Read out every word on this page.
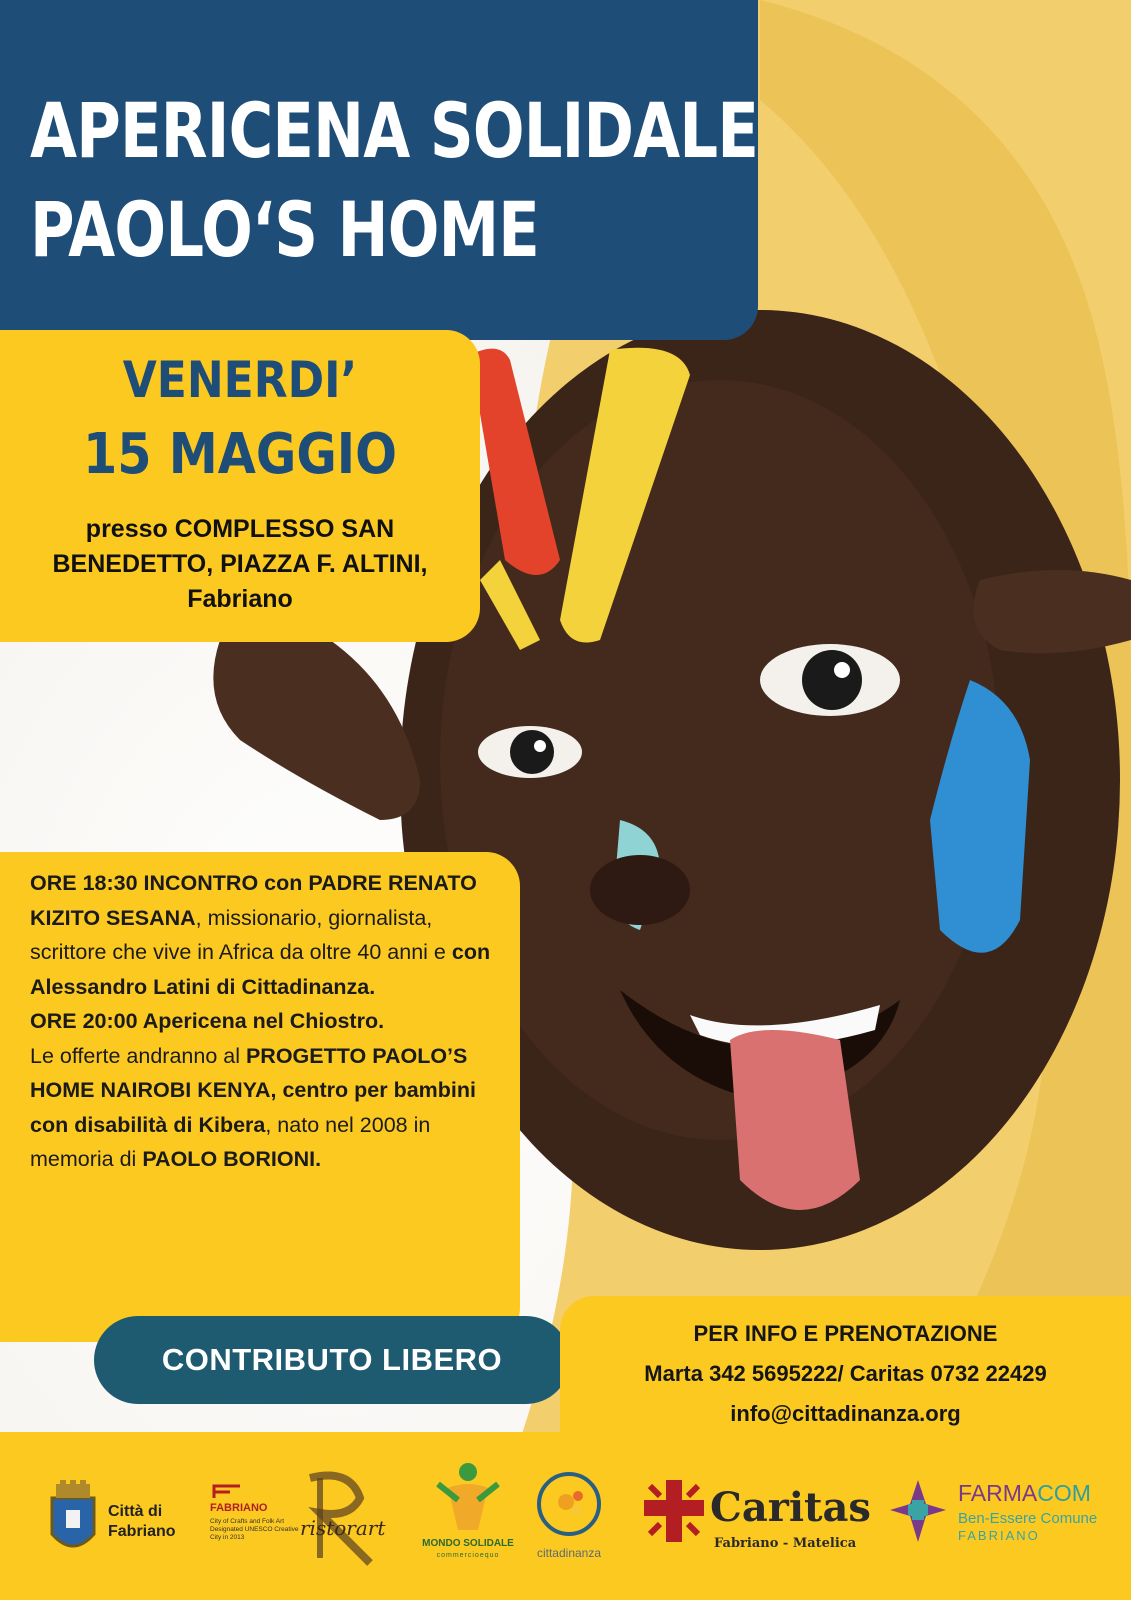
APERICENA SOLIDALE
PAOLO‘S HOME
VENERDI’
15 MAGGIO
presso COMPLESSO SAN BENEDETTO, PIAZZA F. ALTINI, Fabriano
ORE 18:30 INCONTRO con PADRE RENATO KIZITO SESANA, missionario, giornalista, scrittore che vive in Africa da oltre 40 anni e con Alessandro Latini di Cittadinanza.
ORE 20:00 Apericena nel Chiostro.
Le offerte andranno al PROGETTO PAOLO’S HOME NAIROBI KENYA, centro per bambini con disabilità di Kibera, nato nel 2008 in memoria di PAOLO BORIONI.
CONTRIBUTO LIBERO
PER INFO E PRENOTAZIONE
Marta 342 5695222/ Caritas 0732 22429
info@cittadinanza.org
Città di Fabriano
FABRIANO
City of Crafts and Folk Art Designated UNESCO Creative City in 2013	ristorart
MONDO SOLIDALE
commercioequo	cittadinanza
Caritas
Fabriano - Matelica
FARMACOM
Ben-Essere Comune
FABRIANO
